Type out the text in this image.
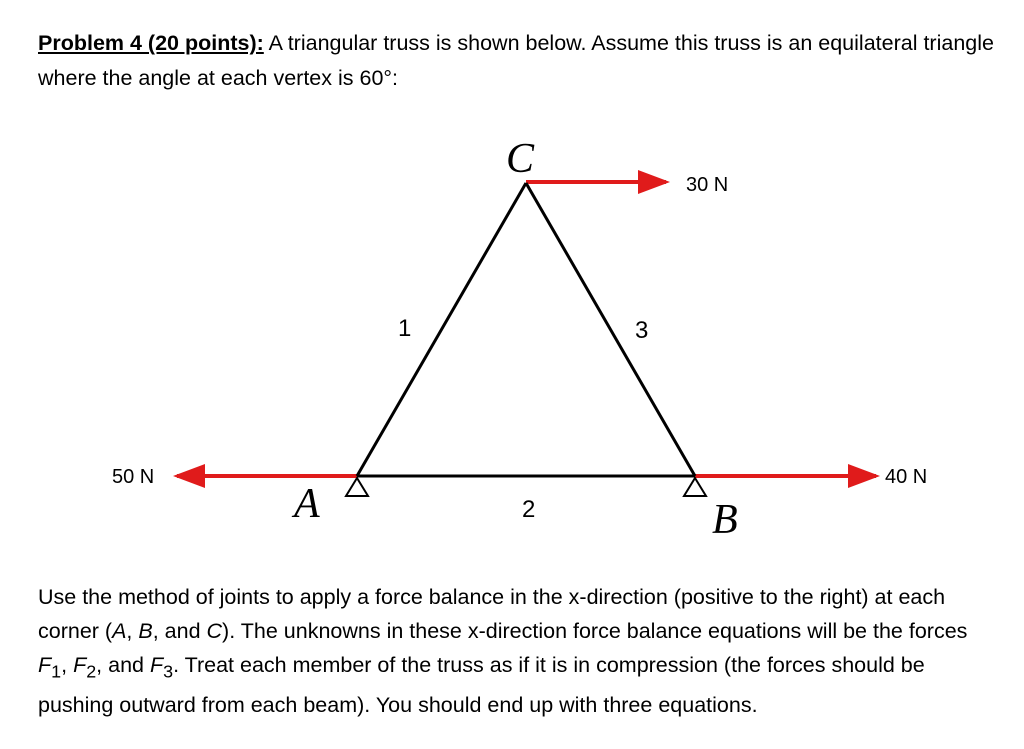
Problem 4 (20 points): A triangular truss is shown below. Assume this truss is an equilateral triangle where the angle at each vertex is 60°:
C
A	B
1	3
2
30 N
50 N	40 N
Use the method of joints to apply a force balance in the x-direction (positive to the right) at each corner (A, B, and C). The unknowns in these x-direction force balance equations will be the forces $F_1$, $F_2$, and $F_3$. Treat each member of the truss as if it is in compression (the forces should be pushing outward from each beam). You should end up with three equations.
